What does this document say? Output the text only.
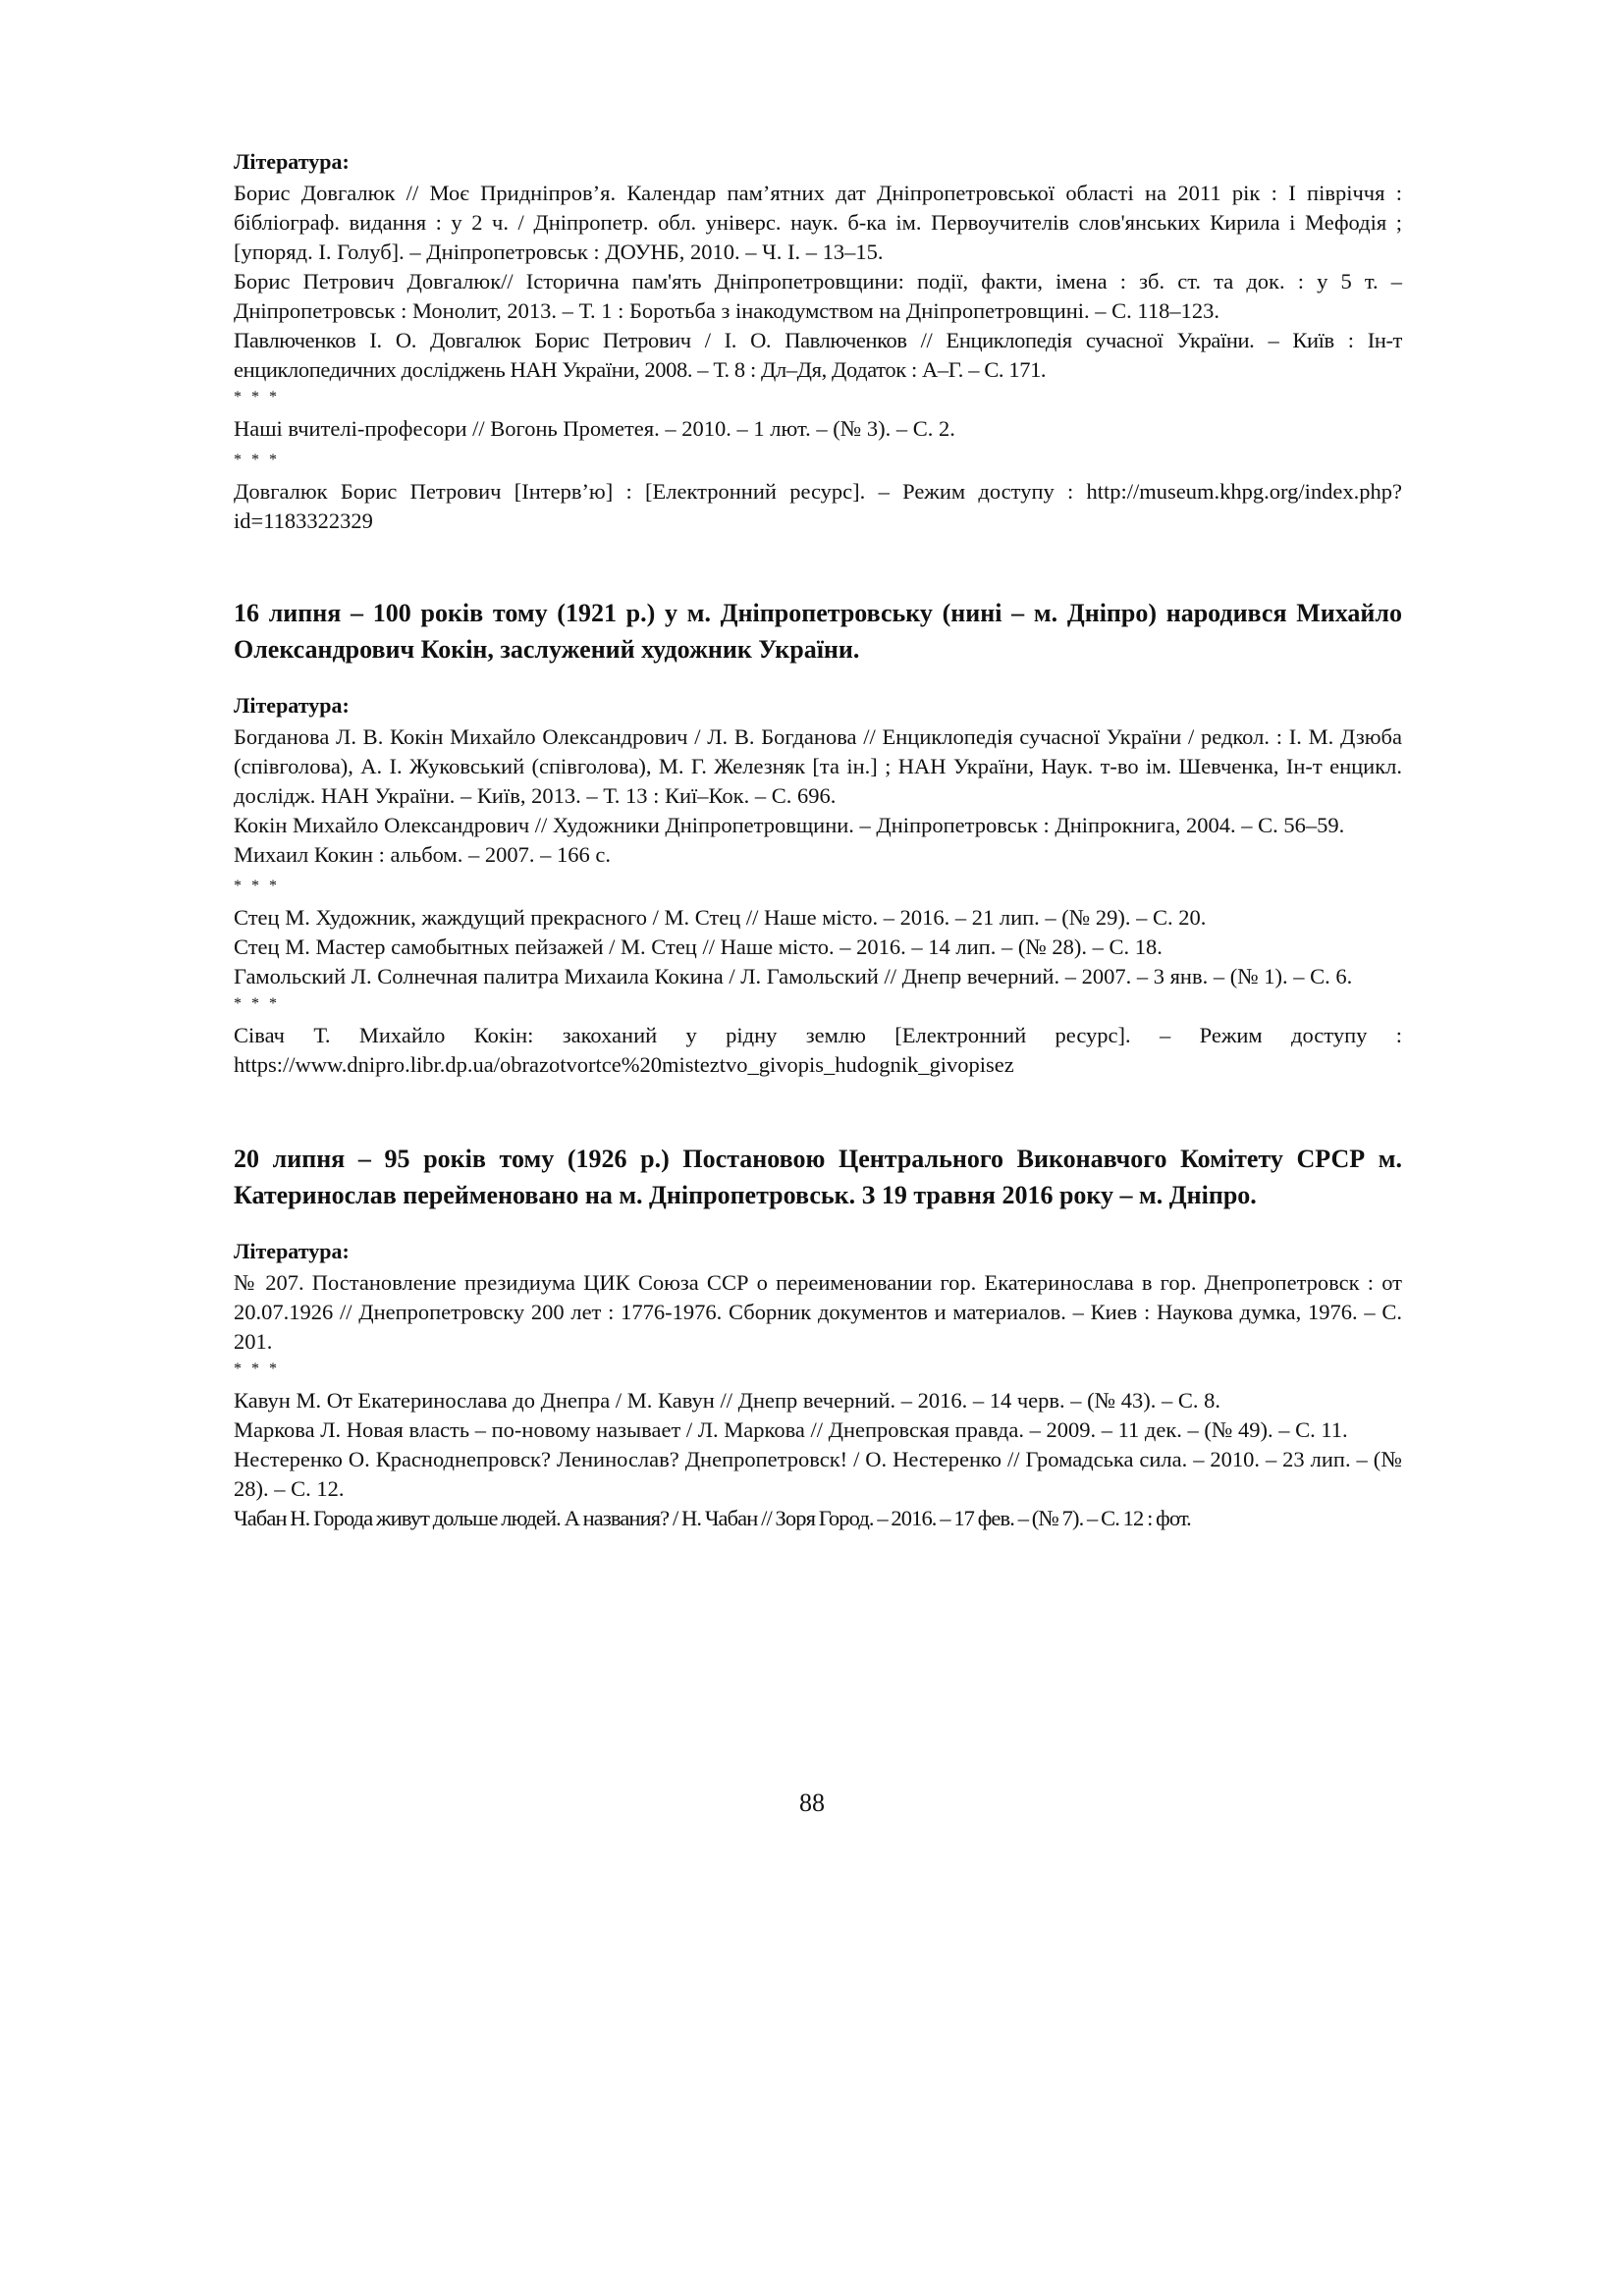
Література:

Борис Довгалюк // Моє Придніпров’я. Календар пам’ятних дат Дніпропетровської області на 2011 рік : І півріччя : бібліограф. видання : у 2 ч. / Дніпропетр. обл. універс. наук. б-ка ім. Первоучителів слов'янських Кирила і Мефодія ; [упоряд. І. Голуб]. – Дніпропетровськ : ДОУНБ, 2010. – Ч. І. – 13–15.

Борис Петрович Довгалюк// Історична пам'ять Дніпропетровщини: події, факти, імена : зб. ст. та док. : у 5 т. – Дніпропетровськ : Монолит, 2013. – Т. 1 : Боротьба з інакодумством на Дніпропетровщині. – С. 118–123.

Павлюченков І. О. Довгалюк Борис Петрович / І. О. Павлюченков // Енциклопедія сучасної України. – Київ : Ін-т енциклопедичних досліджень НАН України, 2008. – Т. 8 : Дл–Дя, Додаток : А–Г. – С. 171.

* * *

Наші вчителі-професори // Вогонь Прометея. – 2010. – 1 лют. – (№ 3). – С. 2.

* * *

Довгалюк Борис Петрович [Інтерв’ю] : [Електронний ресурс]. – Режим доступу : http://museum.khpg.org/index.php?id=1183322329

16 липня – 100 років тому (1921 р.) у м. Дніпропетровську (нині – м. Дніпро) народився Михайло Олександрович Кокін, заслужений художник України.

Література:

Богданова Л. В. Кокін Михайло Олександрович / Л. В. Богданова // Енциклопедія сучасної України / редкол. : І. М. Дзюба (співголова), А. І. Жуковський (співголова), М. Г. Железняк [та ін.] ; НАН України, Наук. т-во ім. Шевченка, Ін-т енцикл. дослідж. НАН України. – Київ, 2013. – Т. 13 : Киї–Кок. – С. 696.

Кокін Михайло Олександрович // Художники Дніпропетровщини. – Дніпропетровськ : Дніпрокнига, 2004. – С. 56–59.

Михаил Кокин : альбом. – 2007. – 166 с.

* * *

Стец М. Художник, жаждущий прекрасного / М. Стец // Наше місто. – 2016. – 21 лип. – (№ 29). – С. 20.

Стец М. Мастер самобытных пейзажей / М. Стец // Наше місто. – 2016. – 14 лип. – (№ 28). – С. 18.

Гамольский Л. Солнечная палитра Михаила Кокина / Л. Гамольский // Днепр вечерний. – 2007. – 3 янв. – (№ 1). – С. 6.

* * *

Сівач Т. Михайло Кокін: закоханий у рідну землю [Електронний ресурс]. – Режим доступу : https://www.dnipro.libr.dp.ua/obrazotvortce%20misteztvo_givopis_hudognik_givopisez

20 липня – 95 років тому (1926 р.) Постановою Центрального Виконавчого Комітету СРСР м. Катеринослав перейменовано на м. Дніпропетровськ. З 19 травня 2016 року – м. Дніпро.

Література:

№ 207. Постановление президиума ЦИК Союза ССР о переименовании гор. Екатеринослава в гор. Днепропетровск : от 20.07.1926 // Днепропетровску 200 лет : 1776-1976. Сборник документов и материалов. – Киев : Наукова думка, 1976. – С. 201.

* * *

Кавун М. От Екатеринослава до Днепра / М. Кавун // Днепр вечерний. – 2016. – 14 черв. – (№ 43). – С. 8.

Маркова Л. Новая власть – по-новому называет / Л. Маркова // Днепровская правда. – 2009. – 11 дек. – (№ 49). – С. 11.

Нестеренко О. Красноднепровск? Ленинослав? Днепропетровск! / О. Нестеренко // Громадська сила. – 2010. – 23 лип. – (№ 28). – С. 12.

Чабан Н. Города живут дольше людей. А названия? / Н. Чабан // Зоря Город. – 2016. – 17 фев. – (№ 7). – С. 12 : фот.

88
